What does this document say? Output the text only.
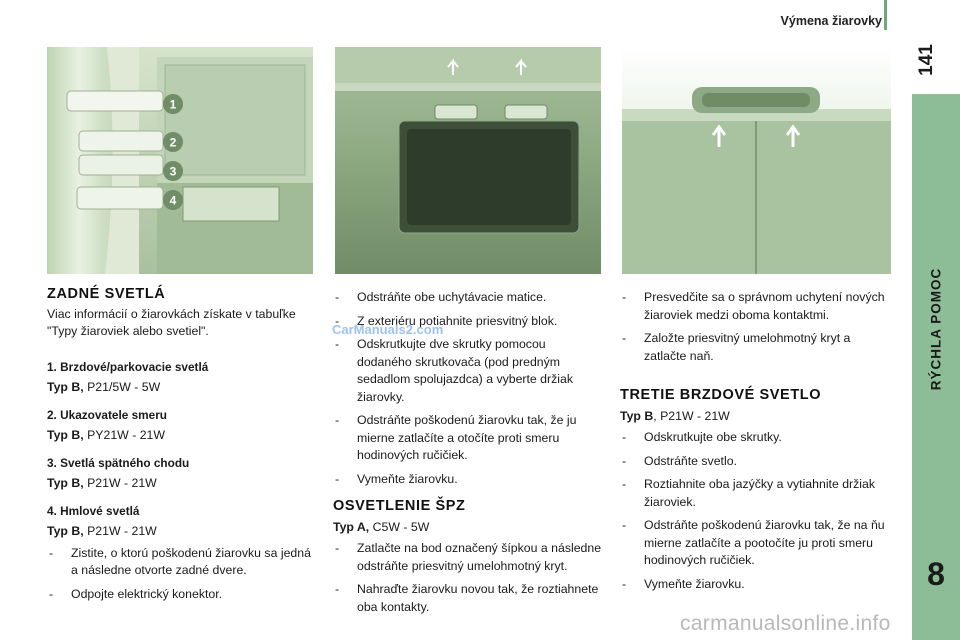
Výmena žiarovky
141
RÝCHLA POMOC
8
1
2
3
4
ZADNÉ SVETLÁ

Viac informácií o žiarovkách získate v tabuľke "Typy žiaroviek alebo svetiel".

1. Brzdové/parkovacie svetlá
Typ B, P21/5W - 5W
2. Ukazovatele smeru
Typ B, PY21W - 21W
3. Svetlá spätného chodu
Typ B, P21W - 21W
4. Hmlové svetlá
Typ B, P21W - 21W
- Zistite, o ktorú poškodenú žiarovku sa jedná a následne otvorte zadné dvere.
- Odpojte elektrický konektor.
- Odstráňte obe uchytávacie matice.
- Z exteriéru potiahnite priesvitný blok.
- Odskrutkujte dve skrutky pomocou dodaného skrutkovača (pod predným sedadlom spolujazdca) a vyberte držiak žiarovky.
- Odstráňte poškodenú žiarovku tak, že ju mierne zatlačíte a otočíte proti smeru hodinových ručičiek.
- Vymeňte žiarovku.
OSVETLENIE ŠPZ
Typ A, C5W - 5W
- Zatlačte na bod označený šípkou a následne odstráňte priesvitný umelohmotný kryt.
- Nahraďte žiarovku novou tak, že roztiahnete oba kontakty.
- Presvedčite sa o správnom uchytení nových žiaroviek medzi oboma kontaktmi.
- Založte priesvitný umelohmotný kryt a zatlačte naň.
TRETIE BRZDOVÉ SVETLO
Typ B, P21W - 21W
- Odskrutkujte obe skrutky.
- Odstráňte svetlo.
- Roztiahnite oba jazýčky a vytiahnite držiak žiaroviek.
- Odstráňte poškodenú žiarovku tak, že na ňu mierne zatlačíte a pootočíte ju proti smeru hodinových ručičiek.
- Vymeňte žiarovku.
CarManuals2.com
carmanualsonline.info
